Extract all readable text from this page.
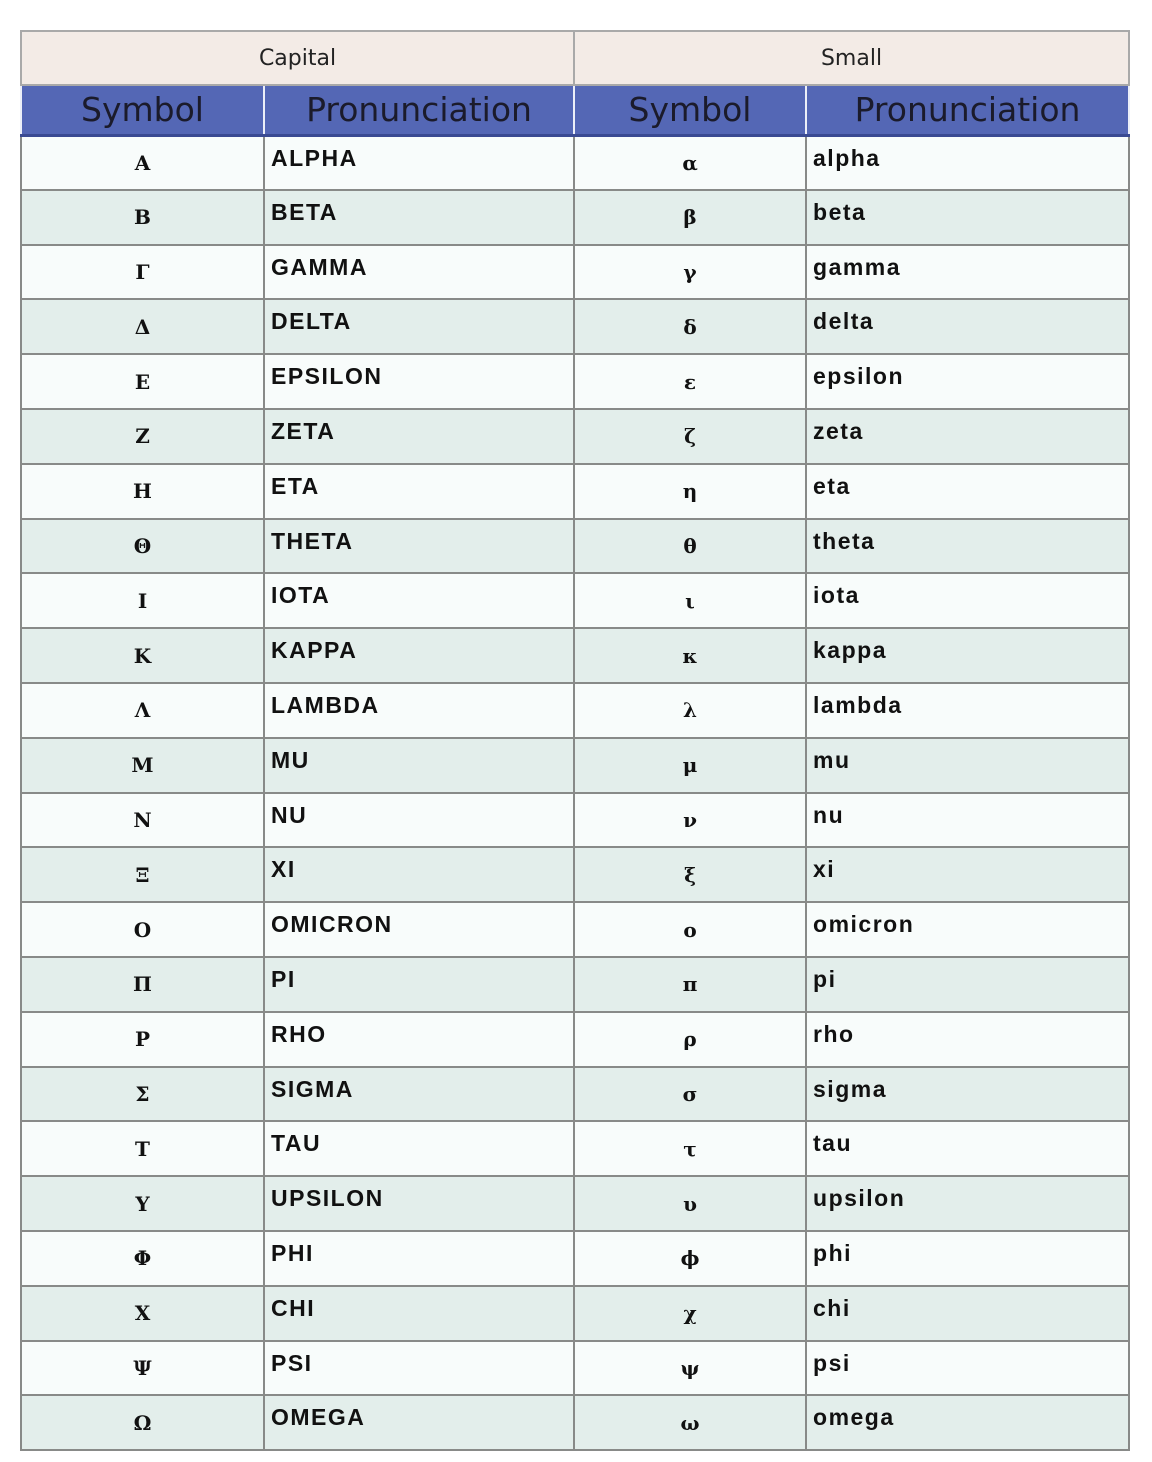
Capital		Small	
Symbol	Pronunciation	Symbol	Pronunciation
Α	ALPHA	α	alpha
Β	BETA	β	beta
Γ	GAMMA	γ	gamma
Δ	DELTA	δ	delta
Ε	EPSILON	ε	epsilon
Ζ	ZETA	ζ	zeta
Η	ETA	η	eta
Θ	THETA	θ	theta
Ι	IOTA	ι	iota
Κ	KAPPA	κ	kappa
Λ	LAMBDA	λ	lambda
Μ	MU	μ	mu
Ν	NU	ν	nu
Ξ	XI	ξ	xi
Ο	OMICRON	ο	omicron
Π	PI	π	pi
Ρ	RHO	ρ	rho
Σ	SIGMA	σ	sigma
Τ	TAU	τ	tau
Υ	UPSILON	υ	upsilon
Φ	PHI	ϕ	phi
Χ	CHI	χ	chi
Ψ	PSI	ψ	psi
Ω	OMEGA	ω	omega
